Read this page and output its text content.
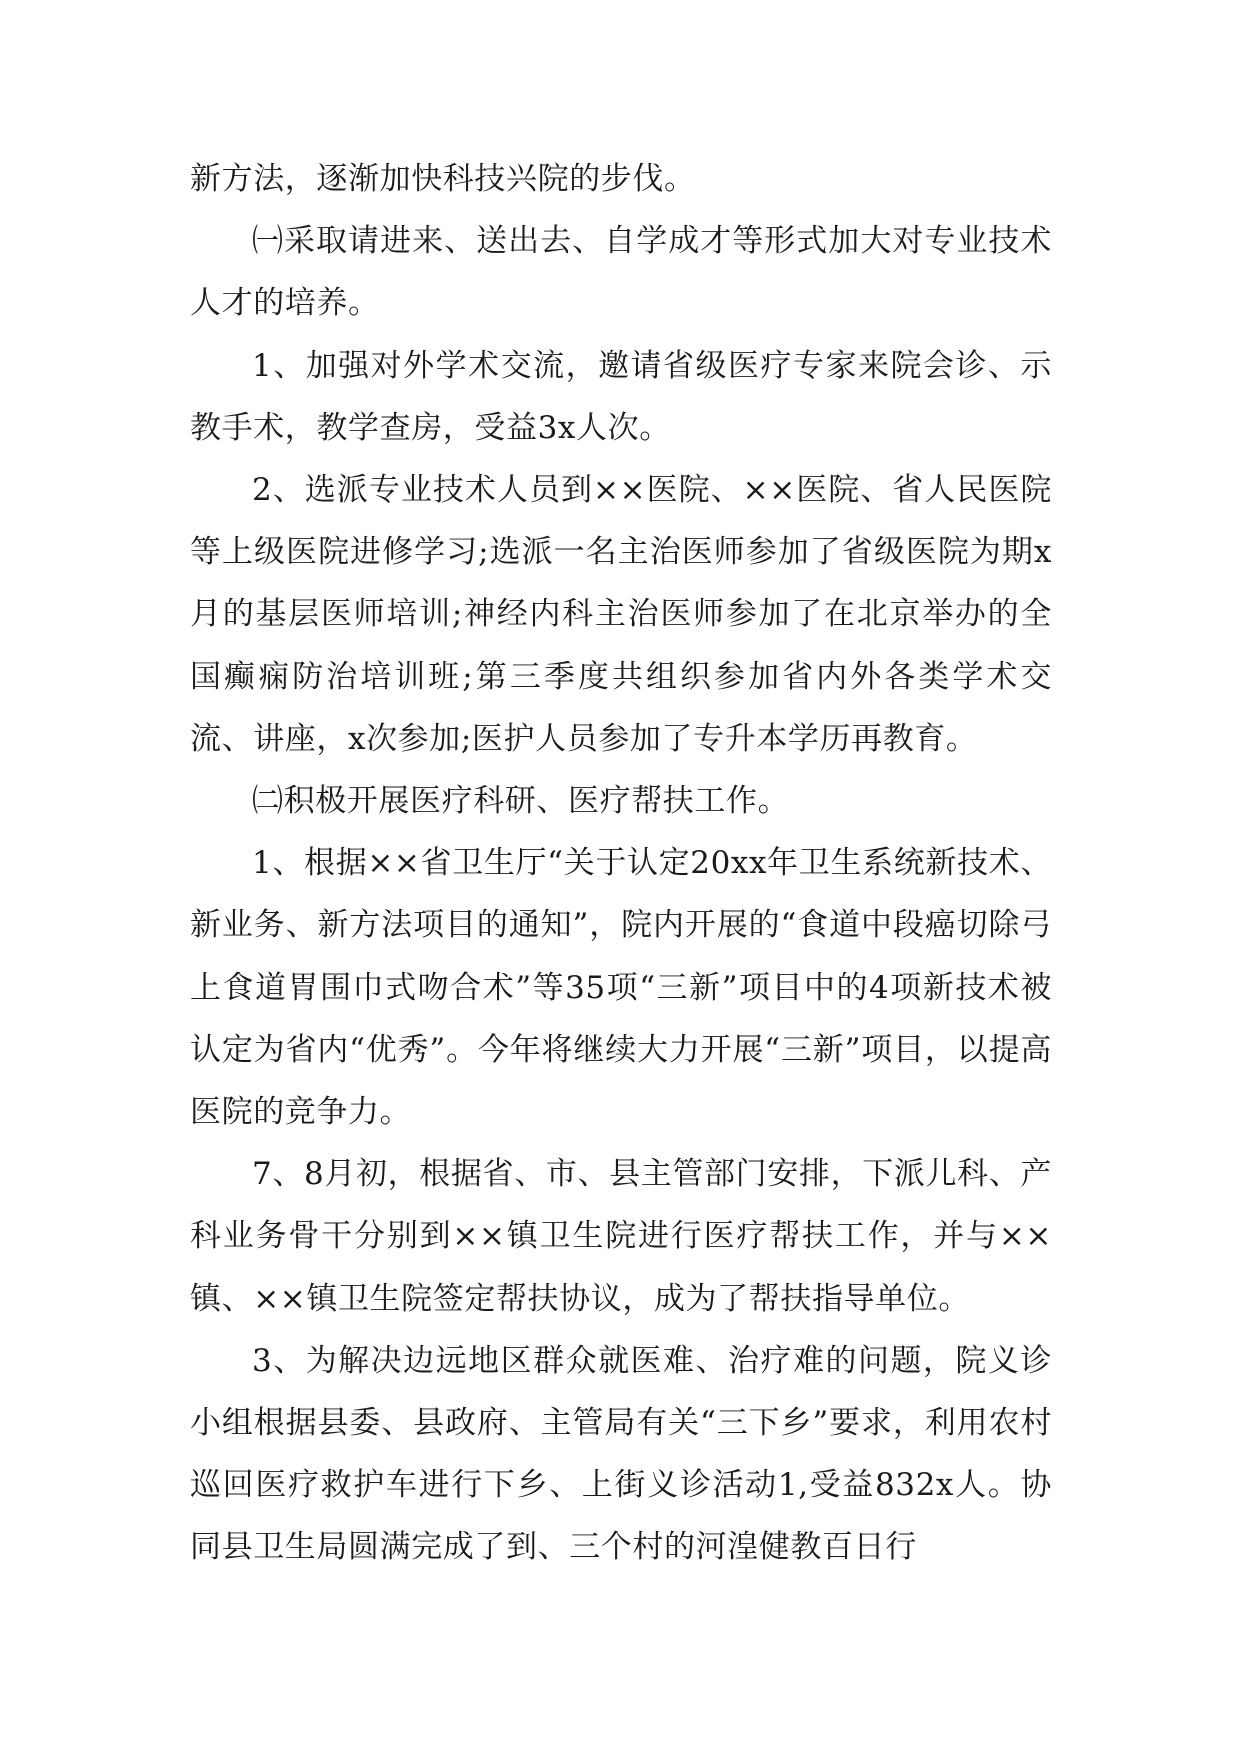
新方法，逐渐加快科技兴院的步伐。

㈠采取请进来、送出去、自学成才等形式加大对专业技术人才的培养。

1、加强对外学术交流，邀请省级医疗专家来院会诊、示教手术，教学查房，受益3x人次。

2、选派专业技术人员到××医院、××医院、省人民医院等上级医院进修学习;选派一名主治医师参加了省级医院为期x月的基层医师培训;神经内科主治医师参加了在北京举办的全国癫痫防治培训班;第三季度共组织参加省内外各类学术交流、讲座，x次参加;医护人员参加了专升本学历再教育。

㈡积极开展医疗科研、医疗帮扶工作。

1、根据××省卫生厅“关于认定20xx年卫生系统新技术、新业务、新方法项目的通知”，院内开展的“食道中段癌切除弓上食道胃围巾式吻合术”等35项“三新”项目中的4项新技术被认定为省内“优秀”。今年将继续大力开展“三新”项目，以提高医院的竞争力。

7、8月初，根据省、市、县主管部门安排，下派儿科、产科业务骨干分别到××镇卫生院进行医疗帮扶工作，并与××镇、××镇卫生院签定帮扶协议，成为了帮扶指导单位。

3、为解决边远地区群众就医难、治疗难的问题，院义诊小组根据县委、县政府、主管局有关“三下乡”要求，利用农村巡回医疗救护车进行下乡、上街义诊活动1,受益832x人。协同县卫生局圆满完成了到、三个村的河湟健教百日行
